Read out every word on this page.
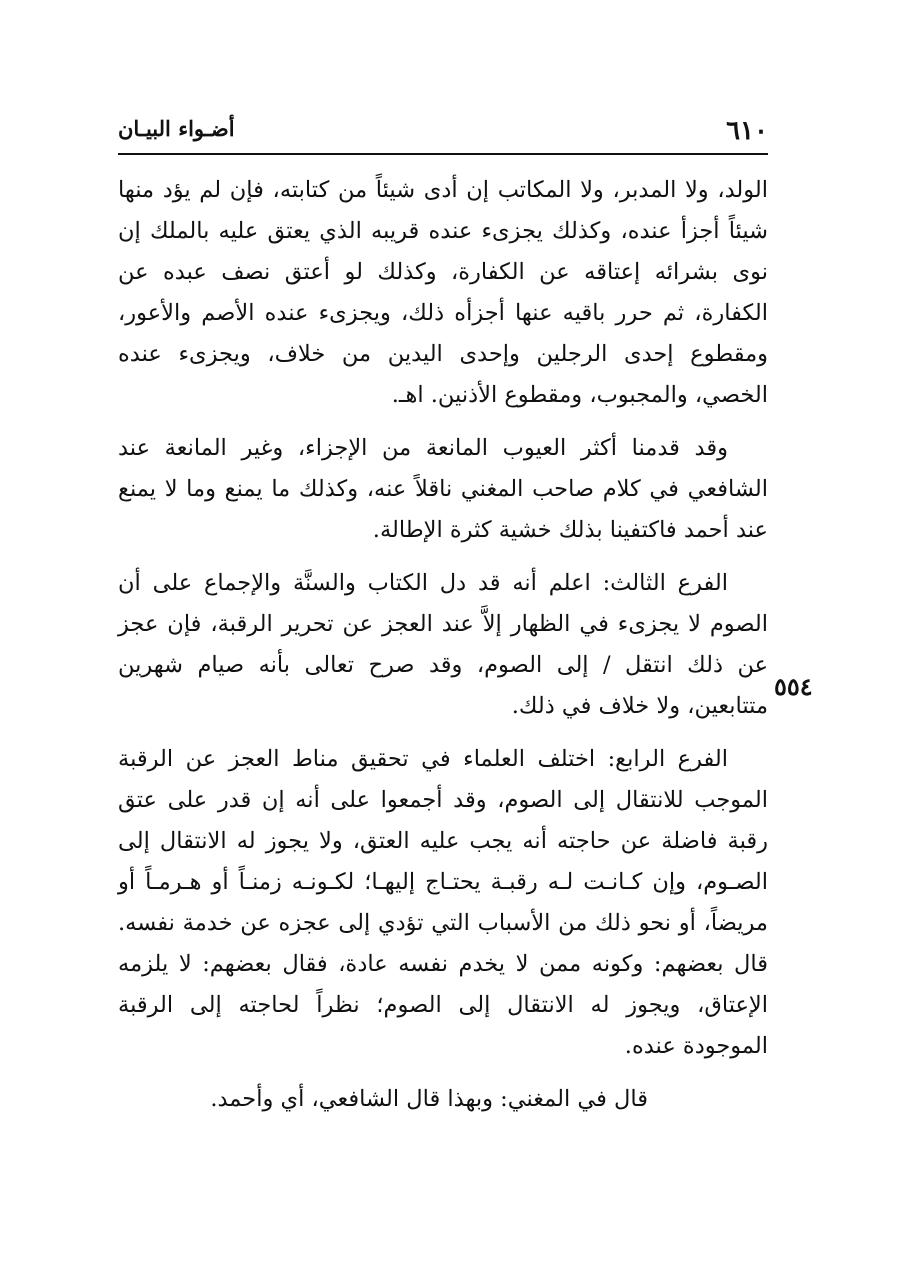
٦١٠
أضـواء البيـان
٥٥٤

الولد، ولا المدبر، ولا المكاتب إن أدى شيئاً من كتابته، فإن لم يؤد منها شيئاً أجزأ عنده، وكذلك يجزىء عنده قريبه الذي يعتق عليه بالملك إن نوى بشرائه إعتاقه عن الكفارة، وكذلك لو أعتق نصف عبده عن الكفارة، ثم حرر باقيه عنها أجزأه ذلك، ويجزىء عنده الأصم والأعور، ومقطوع إحدى الرجلين وإحدى اليدين من خلاف، ويجزىء عنده الخصي، والمجبوب، ومقطوع الأذنين. اهـ.

وقد قدمنا أكثر العيوب المانعة من الإجزاء، وغير المانعة عند الشافعي في كلام صاحب المغني ناقلاً عنه، وكذلك ما يمنع وما لا يمنع عند أحمد فاكتفينا بذلك خشية كثرة الإطالة.

الفرع الثالث: اعلم أنه قد دل الكتاب والسنَّة والإجماع على أن الصوم لا يجزىء في الظهار إلاَّ عند العجز عن تحرير الرقبة، فإن عجز عن ذلك انتقل / إلى الصوم، وقد صرح تعالى بأنه صيام شهرين متتابعين، ولا خلاف في ذلك.

الفرع الرابع: اختلف العلماء في تحقيق مناط العجز عن الرقبة الموجب للانتقال إلى الصوم، وقد أجمعوا على أنه إن قدر على عتق رقبة فاضلة عن حاجته أنه يجب عليه العتق، ولا يجوز له الانتقال إلى الصـوم، وإن كـانـت لـه رقبـة يحتـاج إليهـا؛ لكـونـه زمنـاً أو هـرمـاً أو مريضاً، أو نحو ذلك من الأسباب التي تؤدي إلى عجزه عن خدمة نفسه. قال بعضهم: وكونه ممن لا يخدم نفسه عادة، فقال بعضهم: لا يلزمه الإعتاق، ويجوز له الانتقال إلى الصوم؛ نظراً لحاجته إلى الرقبة الموجودة عنده.

قال في المغني: وبهذا قال الشافعي، أي وأحمد.
